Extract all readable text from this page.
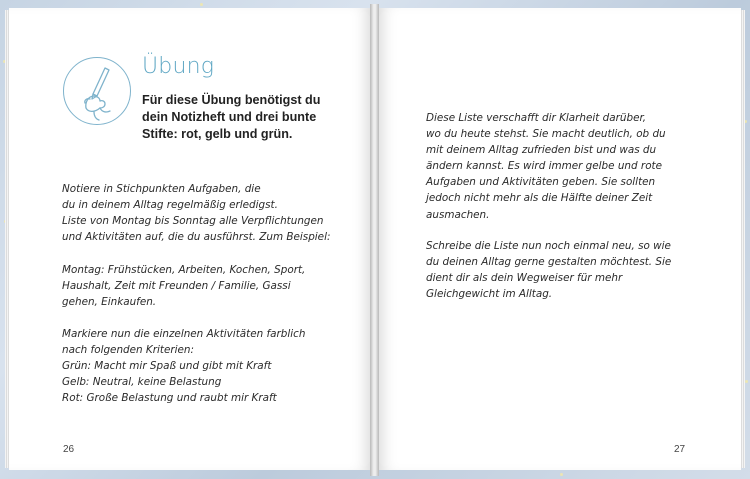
Übung
Für diese Übung benötigst du
dein Notizheft und drei bunte
Stifte: rot, gelb und grün.
Notiere in Stichpunkten Aufgaben, die
du in deinem Alltag regelmäßig erledigst.
Liste von Montag bis Sonntag alle Verpflichtungen
und Aktivitäten auf, die du ausführst. Zum Beispiel:
Montag: Frühstücken, Arbeiten, Kochen, Sport,
Haushalt, Zeit mit Freunden / Familie, Gassi
gehen, Einkaufen.
Markiere nun die einzelnen Aktivitäten farblich
nach folgenden Kriterien:
Grün: Macht mir Spaß und gibt mit Kraft
Gelb: Neutral, keine Belastung
Rot: Große Belastung und raubt mir Kraft
26
Diese Liste verschafft dir Klarheit darüber,
wo du heute stehst. Sie macht deutlich, ob du
mit deinem Alltag zufrieden bist und was du
ändern kannst. Es wird immer gelbe und rote
Aufgaben und Aktivitäten geben. Sie sollten
jedoch nicht mehr als die Hälfte deiner Zeit
ausmachen.
Schreibe die Liste nun noch einmal neu, so wie
du deinen Alltag gerne gestalten möchtest. Sie
dient dir als dein Wegweiser für mehr
Gleichgewicht im Alltag.
27
